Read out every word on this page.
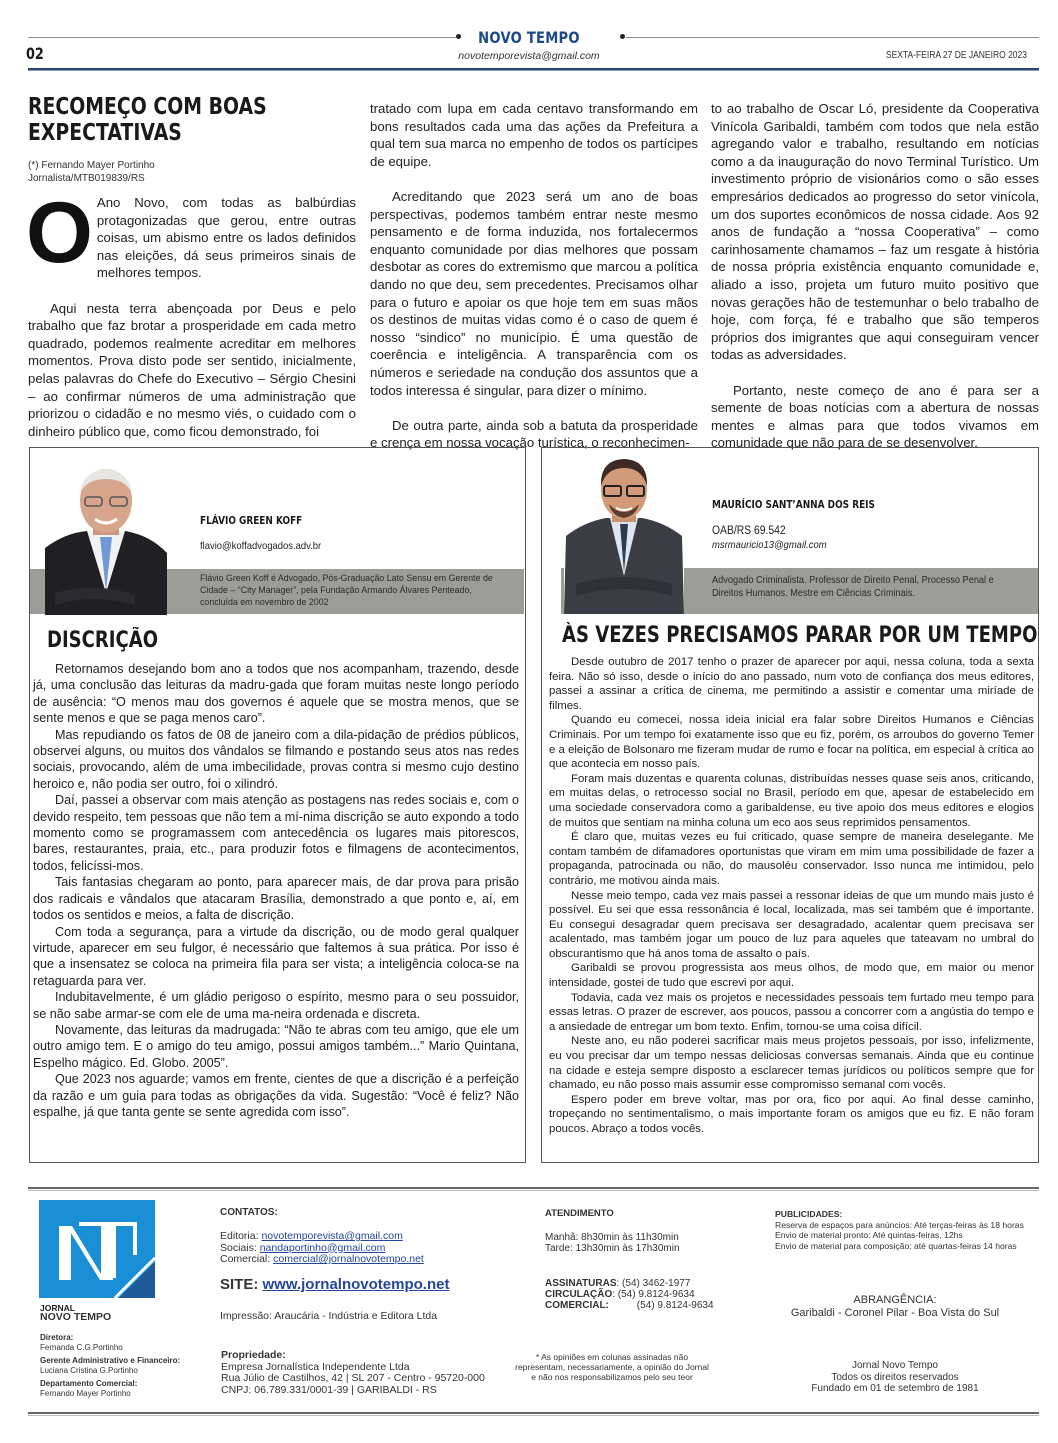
NOVO TEMPO
novotemporevista@gmail.com
02	SEXTA-FEIRA 27 DE JANEIRO 2023
RECOMEÇO COM BOAS
EXPECTATIVAS
(*) Fernando Mayer Portinho
Jornalista/MTB019839/RS

O Ano Novo, com todas as balbúrdias protagonizadas que gerou, entre outras coisas, um abismo entre os lados definidos nas eleições, dá seus primeiros sinais de melhores tempos.

Aqui nesta terra abençoada por Deus e pelo trabalho que faz brotar a prosperidade em cada metro quadrado, podemos realmente acreditar em melhores momentos. Prova disto pode ser sentido, inicialmente, pelas palavras do Chefe do Executivo – Sérgio Chesini – ao confirmar números de uma administração que priorizou o cidadão e no mesmo viés, o cuidado com o dinheiro público que, como ficou demonstrado, foi

tratado com lupa em cada centavo transformando em bons resultados cada uma das ações da Prefeitura a qual tem sua marca no empenho de todos os partícipes de equipe.

Acreditando que 2023 será um ano de boas perspectivas, podemos também entrar neste mesmo pensamento e de forma induzida, nos fortalecermos enquanto comunidade por dias melhores que possam desbotar as cores do extremismo que marcou a política dando no que deu, sem precedentes. Precisamos olhar para o futuro e apoiar os que hoje tem em suas mãos os destinos de muitas vidas como é o caso de quem é nosso “sindico” no município. É uma questão de coerência e inteligência. A transparência com os números e seriedade na condução dos assuntos que a todos interessa é singular, para dizer o mínimo.

De outra parte, ainda sob a batuta da prosperidade e crença em nossa vocação turística, o reconhecimen-

to ao trabalho de Oscar Ló, presidente da Cooperativa Vinícola Garibaldi, também com todos que nela estão agregando valor e trabalho, resultando em notícias como a da inauguração do novo Terminal Turístico. Um investimento próprio de visionários como o são esses empresários dedicados ao progresso do setor vinícola, um dos suportes econômicos de nossa cidade. Aos 92 anos de fundação a “nossa Cooperativa” – como carinhosamente chamamos – faz um resgate à história de nossa própria existência enquanto comunidade e, aliado a isso, projeta um futuro muito positivo que novas gerações hão de testemunhar o belo trabalho de hoje, com força, fé e trabalho que são temperos próprios dos imigrantes que aqui conseguiram vencer todas as adversidades.

Portanto, neste começo de ano é para ser a semente de boas notícias com a abertura de nossas mentes e almas para que todos vivamos em comunidade que não para de se desenvolver.

FLÁVIO GREEN KOFF
flavio@koffadvogados.adv.br
Flávio Green Koff é Advogado, Pós-Graduação Lato Sensu em Gerente de Cidade – “City Manager”, pela Fundação Armando Álvares Penteado, concluída em novembro de 2002
DISCRIÇÃO

Retornamos desejando bom ano a todos que nos acompanham, trazendo, desde já, uma conclusão das leituras da madru-gada que foram muitas neste longo período de ausência: “O menos mau dos governos é aquele que se mostra menos, que se sente menos e que se paga menos caro”.

Mas repudiando os fatos de 08 de janeiro com a dila-pidação de prédios públicos, observei alguns, ou muitos dos vândalos se filmando e postando seus atos nas redes sociais, provocando, além de uma imbecilidade, provas contra si mesmo cujo destino heroico e, não podia ser outro, foi o xilindró.

Daí, passei a observar com mais atenção as postagens nas redes sociais e, com o devido respeito, tem pessoas que não tem a mí-nima discrição se auto expondo a todo momento como se programassem com antecedência os lugares mais pitorescos, bares, restaurantes, praia, etc., para produzir fotos e filmagens de acontecimentos, todos, felicíssi-mos.

Tais fantasias chegaram ao ponto, para aparecer mais, de dar prova para prisão dos radicais e vândalos que atacaram Brasília, demonstrado a que ponto e, aí, em todos os sentidos e meios, a falta de discrição.

Com toda a segurança, para a virtude da discrição, ou de modo geral qualquer virtude, aparecer em seu fulgor, é necessário que faltemos à sua prática. Por isso é que a insensatez se coloca na primeira fila para ser vista; a inteligência coloca-se na retaguarda para ver.

Indubitavelmente, é um gládio perigoso o espírito, mesmo para o seu possuidor, se não sabe armar-se com ele de uma ma-neira ordenada e discreta.

Novamente, das leituras da madrugada: “Não te abras com teu amigo, que ele um outro amigo tem. E o amigo do teu amigo, possui amigos também...” Mario Quintana, Espelho mágico. Ed. Globo. 2005”.

Que 2023 nos aguarde; vamos em frente, cientes de que a discrição é a perfeição da razão e um guia para todas as obrigações da vida. Sugestão: “Você é feliz? Não espalhe, já que tanta gente se sente agredida com isso”.

MAURÍCIO SANT’ANNA DOS REIS
OAB/RS 69.542
msrmauricio13@gmail.com
Advogado Criminalista. Professor de Direito Penal, Processo Penal e Direitos Humanos. Mestre em Ciências Criminais.
ÀS VEZES PRECISAMOS PARAR POR UM TEMPO

Desde outubro de 2017 tenho o prazer de aparecer por aqui, nessa coluna, toda a sexta feira. Não só isso, desde o início do ano passado, num voto de confiança dos meus editores, passei a assinar a crítica de cinema, me permitindo a assistir e comentar uma miríade de filmes.

Quando eu comecei, nossa ideia inicial era falar sobre Direitos Humanos e Ciências Criminais. Por um tempo foi exatamente isso que eu fiz, porém, os arroubos do governo Temer e a eleição de Bolsonaro me fizeram mudar de rumo e focar na política, em especial à crítica ao que acontecia em nosso país.

Foram mais duzentas e quarenta colunas, distribuídas nesses quase seis anos, criticando, em muitas delas, o retrocesso social no Brasil, período em que, apesar de estabelecido em uma sociedade conservadora como a garibaldense, eu tive apoio dos meus editores e elogios de muitos que sentiam na minha coluna um eco aos seus reprimidos pensamentos.

É claro que, muitas vezes eu fui criticado, quase sempre de maneira deselegante. Me contam também de difamadores oportunistas que viram em mim uma possibilidade de fazer a propaganda, patrocinada ou não, do mausoléu conservador. Isso nunca me intimidou, pelo contrário, me motivou ainda mais.

Nesse meio tempo, cada vez mais passei a ressonar ideias de que um mundo mais justo é possível. Eu sei que essa ressonância é local, localizada, mas sei também que é importante. Eu consegui desagradar quem precisava ser desagradado, acalentar quem precisava ser acalentado, mas também jogar um pouco de luz para aqueles que tateavam no umbral do obscurantismo que há anos toma de assalto o país.

Garibaldi se provou progressista aos meus olhos, de modo que, em maior ou menor intensidade, gostei de tudo que escrevi por aqui.

Todavia, cada vez mais os projetos e necessidades pessoais tem furtado meu tempo para essas letras. O prazer de escrever, aos poucos, passou a concorrer com a angústia do tempo e a ansiedade de entregar um bom texto. Enfim, tornou-se uma coisa difícil.

Neste ano, eu não poderei sacrificar mais meus projetos pessoais, por isso, infelizmente, eu vou precisar dar um tempo nessas deliciosas conversas semanais. Ainda que eu continue na cidade e esteja sempre disposto a esclarecer temas jurídicos ou políticos sempre que for chamado, eu não posso mais assumir esse compromisso semanal com vocês.

Espero poder em breve voltar, mas por ora, fico por aqui. Ao final desse caminho, tropeçando no sentimentalismo, o mais importante foram os amigos que eu fiz. E não foram poucos. Abraço a todos vocês.

JORNAL
NOVO TEMPO
Diretora:
Fernanda C.G.Portinho
Gerente Administrativo e Financeiro:
Luciana Cristina G.Portinho
Departamento Comercial:
Fernando Mayer Portinho
CONTATOS:
Editoria: novotemporevista@gmail.com
Sociais: nandaportinho@gmail.com
Comercial: comercial@jornalnovotempo.net
SITE: www.jornalnovotempo.net
Impressão: Araucária - Indústria e Editora Ltda
Propriedade:
Empresa Jornalística Independente Ltda
Rua Júlio de Castilhos, 42 | SL 207 - Centro - 95720-000
CNPJ: 06.789.331/0001-39 | GARIBALDI - RS
ATENDIMENTO
Manhã: 8h30min às 11h30min
Tarde: 13h30min às 17h30min
ASSINATURAS: (54) 3462-1977
CIRCULAÇÃO: (54) 9.8124-9634
COMERCIAL:	(54) 9.8124-9634
* As opiniões em colunas assinadas não representam, necessariamente, a opinião do Jornal e não nos responsabilizamos pelo seu teor
PUBLICIDADES:
Reserva de espaços para anúncios: Até terças-feiras às 18 horas
Envio de material pronto: Até quintas-feiras, 12hs
Envio de material para composição: até quartas-feiras 14 horas
ABRANGÊNCIA:
Garibaldi - Coronel Pilar - Boa Vista do Sul
Jornal Novo Tempo
Todos os direitos reservados
Fundado em 01 de setembro de 1981
